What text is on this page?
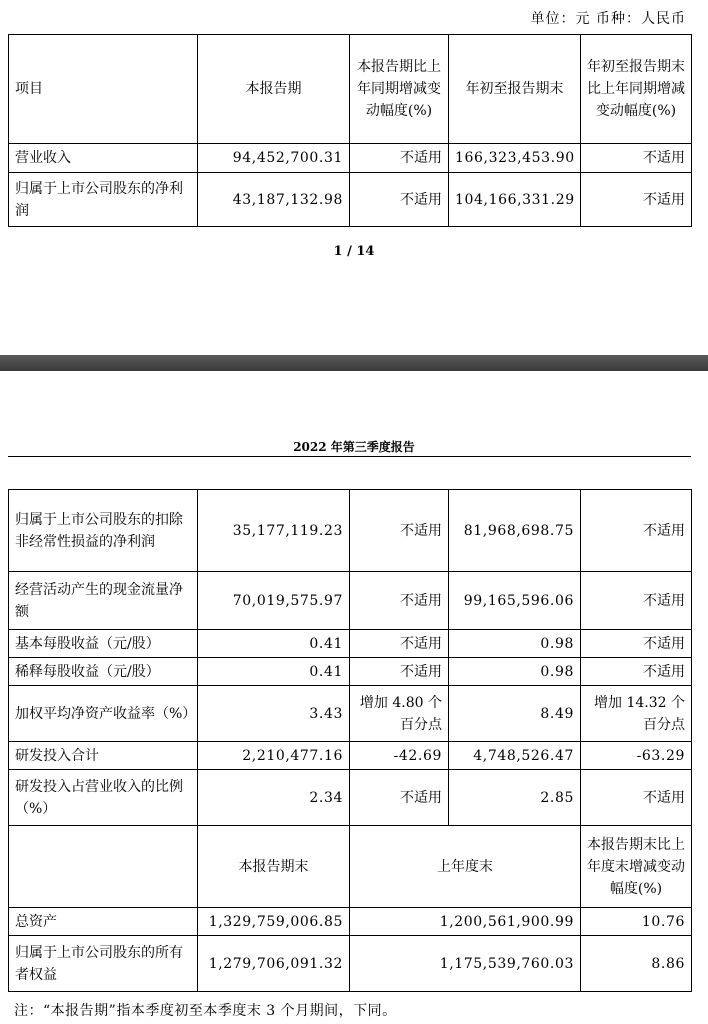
单位：元 币种：人民币
项目	本报告期	本报告期比上年同期增减变动幅度(%)	年初至报告期末	年初至报告期末比上年同期增减变动幅度(%)
营业收入	94,452,700.31	不适用	166,323,453.90	不适用
归属于上市公司股东的净利润	43,187,132.98	不适用	104,166,331.29	不适用
1 / 14
2022 年第三季度报告
归属于上市公司股东的扣除非经常性损益的净利润	35,177,119.23	不适用	81,968,698.75	不适用
经营活动产生的现金流量净额	70,019,575.97	不适用	99,165,596.06	不适用
基本每股收益（元/股）	0.41	不适用	0.98	不适用
稀释每股收益（元/股）	0.41	不适用	0.98	不适用
加权平均净资产收益率（%）	3.43	增加 4.80 个百分点	8.49	增加 14.32 个百分点
研发投入合计	2,210,477.16	-42.69	4,748,526.47	-63.29
研发投入占营业收入的比例（%）	2.34	不适用	2.85	不适用
	本报告期末	上年度末		本报告期末比上年度末增减变动幅度(%)
总资产	1,329,759,006.85	1,200,561,900.99		10.76
归属于上市公司股东的所有者权益	1,279,706,091.32	1,175,539,760.03		8.86
注：“本报告期”指本季度初至本季度末 3 个月期间，下同。
